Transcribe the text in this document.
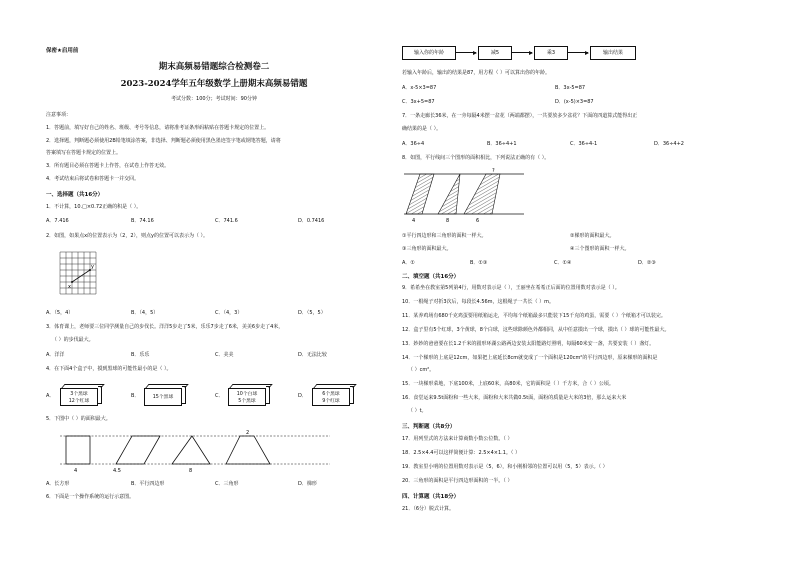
保密★启用前
期末高频易错题综合检测卷二
2023-2024学年五年级数学上册期末高频易错题
考试分数：100分；考试时间：90分钟
注意事项：
1．答题前，填写好自己的姓名、班级、考号等信息，请将准考证条形码粘贴在答题卡规定的位置上。
2．选择题，判断题必须使用2B铅笔填涂答案，非选择、判断题必须使用黑色墨迹签字笔或钢笔答题，请将
答案填写在答题卡规定的位置上。
3．所有题目必须在答题卡上作答，在试卷上作答无效。
4．考试结束后将试卷和答题卡一并交回。
一、选择题（共16分）
1．不计算，10.□×0.72正确的积是（ ）。
A．7.416	B．74.16	C．741.6	D．0.7416
2．如图，如果点x的位置表示为（2，2），则点y的位置可以表示为（ ）。
x
y
A．（5，4）	B．（4，5）	C．（4，3）	D．（5，5）
3．体育课上，老师要三位同学测量自己的步伐长。洋洋5步走了5米，乐乐7步走了6米，美美6步走了4米，
（ ）的步伐最大。
A．洋洋	B．乐乐	C．美美	D．无法比较
4．在下面4个盒子中，摸到黑球的可能性最小的是（ ）。
A．	3个黑球
12个红球
B．	15个黑球	C．	10个白球
5个黑球
D．	6个黑球
9个红球
5．下图中（ ）的面积最大。
4	4.5	8
2
A．长方形	B．平行四边形	C．三角形	D．梯形
6．下面是一个操作系统的运行示意图。
输入你的年龄	减5	乘3	输出结果
若输入年龄后，输出的结果是87，用方程（ ）可以算出你的年龄。
A．x-5×3=87	B．3x-5=87
C．3x+5=87	D．(x-5)×3=87
7．一条走廊长36米，在一旁每隔4米摆一盆花（两端都摆），一共要放多少盆花？下面的四道算式能得出正
确结果的是（ ）。
A．36÷4	B．36÷4+1	C．36÷4-1	D．36÷4+2
8．如图，平行线间三个图形的面积相比，下列说法正确的有（ ）。
4	8	6
?
①平行四边形和三角形的面积一样大。	②梯形的面积最大。
③三角形的面积最大。	④三个图形的面积一样大。
A．①	B．①③	C．①④	D．②③
二、填空题（共16分）
9．希希坐在教室第5列第4行，用数对表示是（ ），王丽坐在希希正后面的位置用数对表示是（ ）。
10．一根绳子对折3次后，每段长4.56m，这根绳子一共长（ ）m。
11．某养鸡场有680千克鸡蛋要用纸箱运走，平均每个纸箱最多只能装下15千克的鸡蛋，需要（ ）个纸箱才可以装完。
12．盒子里有5个红球，3个黄球，8个白球，这些球除颜色外都相同，从中任意摸出一个球，摸出（ ）球的可能性最大。
13．妙妙的爸爸要在长1.2千米的圆形环湖公路两边安装太阳能路灯照明，每隔60米安一盏，共要安装（ ）盏灯。
14．一个梯形的上底是12cm，如果把上底延长8cm就变成了一个面积是120cm²的平行四边形，原来梯形的面积是
（ ）cm²。
15．一块梯形菜地，下底100米，上底60米，高80米，它的面积是（ ）千方米，合（ ）公顷。
16．食堂运来9.5t面粉和一些大米，面粉和大米共做0.5t面，面粉的质量是大米的3倍，那么运来大米
（ ）t。
三、判断题（共8分）
17．用列竖式的方法来计算商数小数公位数。（ ）
18．2.5×4.4可以这样简便计算：2.5×4×1.1。（ ）
19．教室里小明的位置用数对表示是（5，6），和小刚相邻的位置可以用（5，5）表示。（ ）
20．三角形的面积是平行四边形面积的一半。（ ）
四、计算题（共18分）
21．（6分）脱式计算。
